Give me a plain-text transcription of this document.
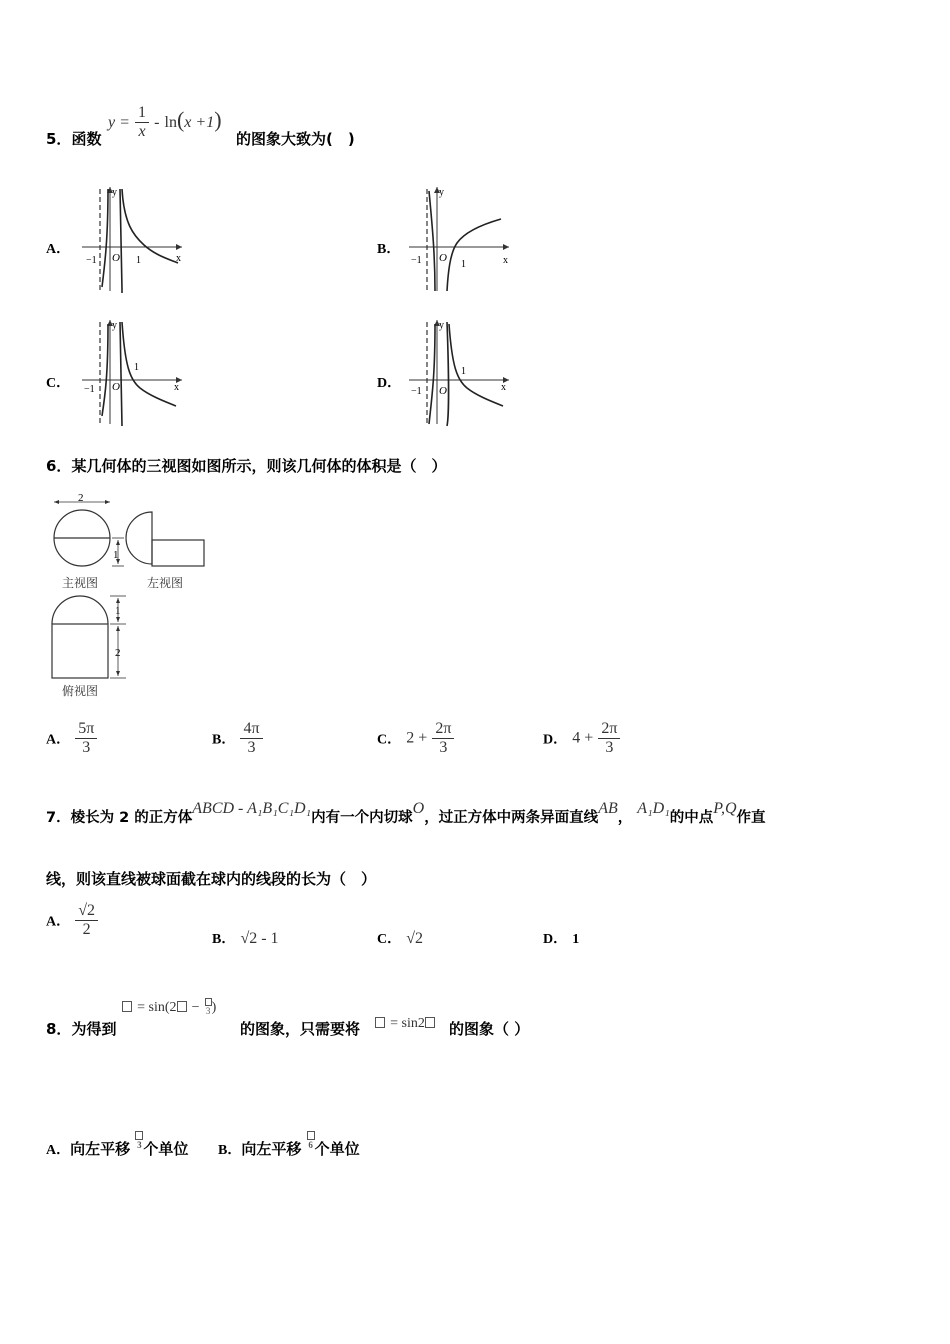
5．函数
$y = \frac{1}{x} - \ln(x +1)$
的图象大致为(　)
A．
y
x
O
−1	1
B．
y
x
O
−1	1
C．
y
x
O
−1
1
D．
y
x
O
−1
1
6．某几何体的三视图如图所示，则该几何体的体积是（　）
2
1
1
2
主视图	左视图
俯视图
A． $\frac{5\pi}{3}$	B． $\frac{4\pi}{3}$	C． $2 + \frac{2\pi}{3}$	D． $4 + \frac{2\pi}{3}$
7．棱长为 2 的正方体ABCD - A₁B₁C₁D₁内有一个内切球O，过正方体中两条异面直线AB， A₁D₁的中点P,Q作直
线，则该直线被球面截在球内的线段的长为（　）
A． $\frac{√2}{2}$
B． √2 - 1	C． √2	D． 1
8．为得到
= sin(2 − 3 )
的图象，只需要将	= sin2	的图象（ ）
A．向左平移 3 个单位 B．向左平移 6 个单位
